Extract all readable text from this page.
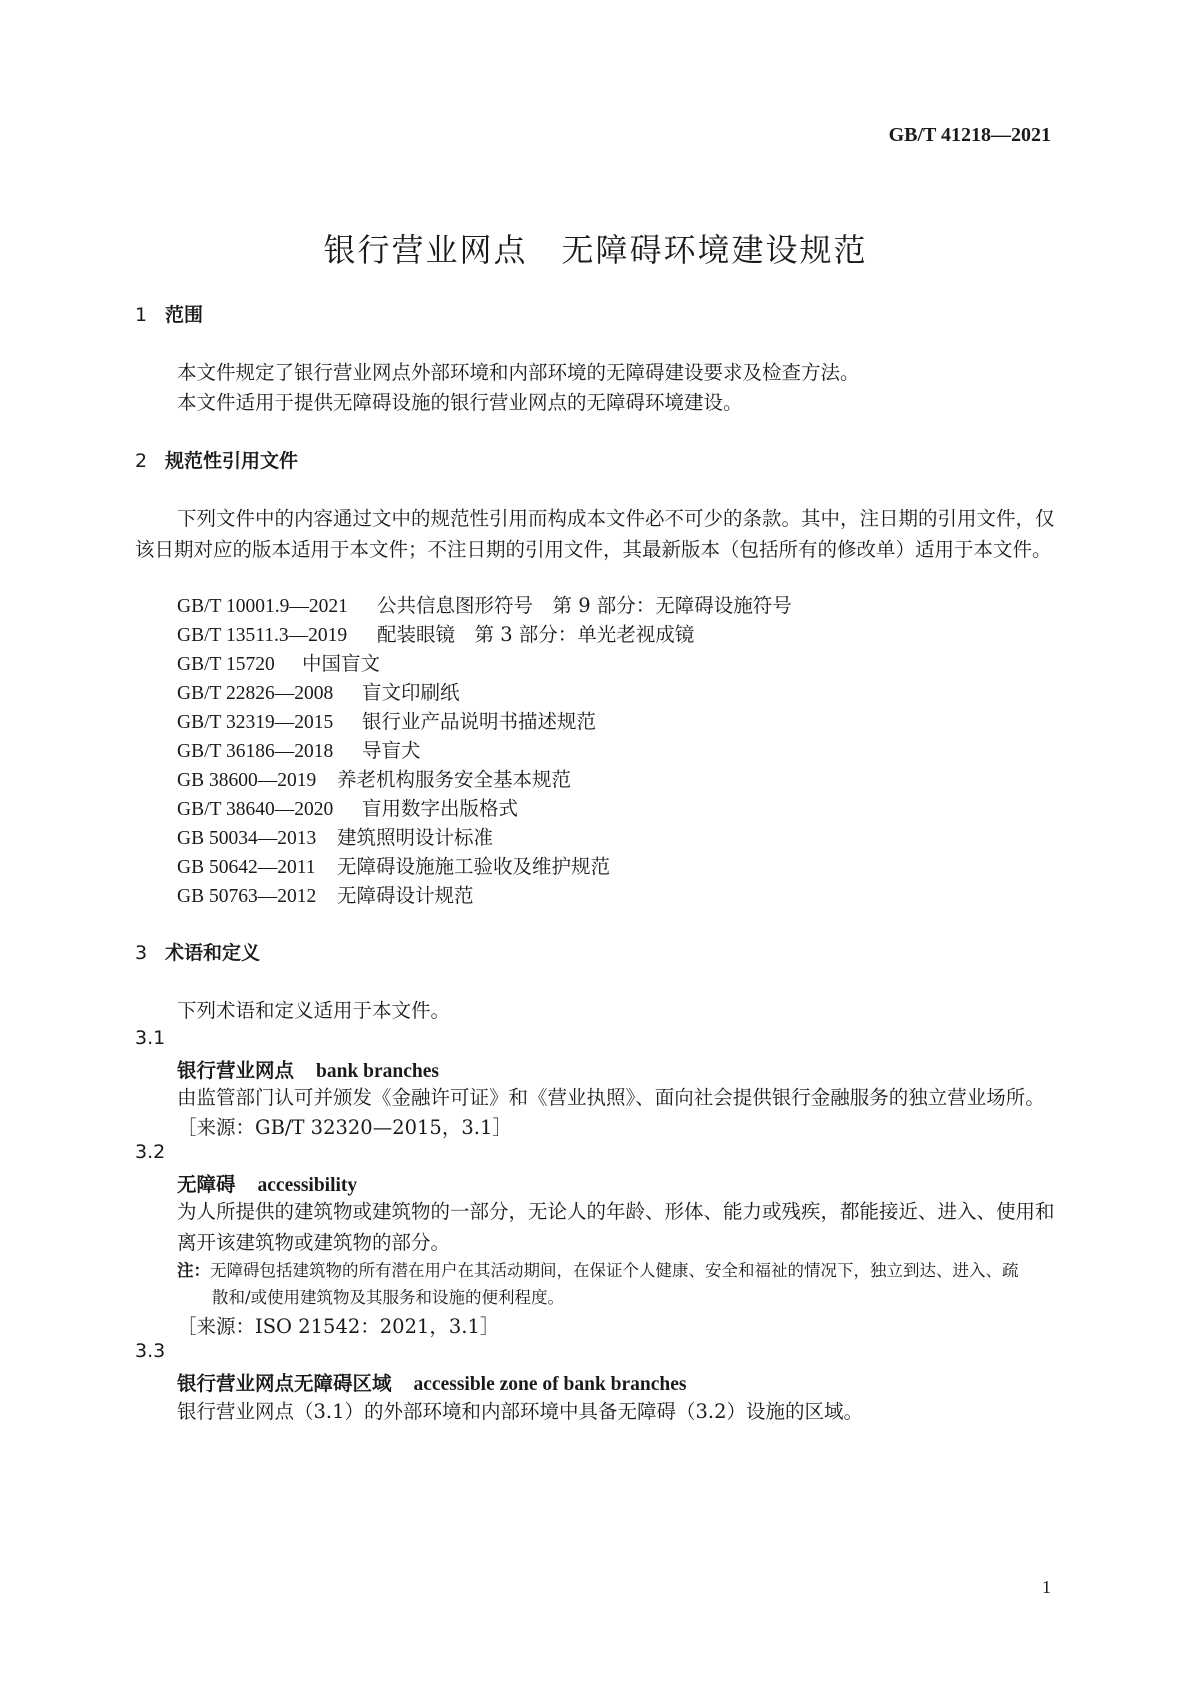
GB/T 41218—2021
银行营业网点　无障碍环境建设规范
1 范围
本文件规定了银行营业网点外部环境和内部环境的无障碍建设要求及检查方法。
本文件适用于提供无障碍设施的银行营业网点的无障碍环境建设。
2 规范性引用文件
下列文件中的内容通过文中的规范性引用而构成本文件必不可少的条款。其中，注日期的引用文件，仅该日期对应的版本适用于本文件；不注日期的引用文件，其最新版本（包括所有的修改单）适用于本文件。
GB/T 10001.9—2021 公共信息图形符号　第 9 部分：无障碍设施符号
GB/T 13511.3—2019 配装眼镜　第 3 部分：单光老视成镜
GB/T 15720 中国盲文
GB/T 22826—2008 盲文印刷纸
GB/T 32319—2015 银行业产品说明书描述规范
GB/T 36186—2018 导盲犬
GB 38600—2019 养老机构服务安全基本规范
GB/T 38640—2020 盲用数字出版格式
GB 50034—2013 建筑照明设计标准
GB 50642—2011 无障碍设施施工验收及维护规范
GB 50763—2012 无障碍设计规范
3 术语和定义
下列术语和定义适用于本文件。
3.1
银行营业网点 bank branches
由监管部门认可并颁发《金融许可证》和《营业执照》、面向社会提供银行金融服务的独立营业场所。
［来源：GB/T 32320—2015，3.1］
3.2
无障碍 accessibility
为人所提供的建筑物或建筑物的一部分，无论人的年龄、形体、能力或残疾，都能接近、进入、使用和离开该建筑物或建筑物的部分。
注：无障碍包括建筑物的所有潜在用户在其活动期间，在保证个人健康、安全和福祉的情况下，独立到达、进入、疏
散和/或使用建筑物及其服务和设施的便利程度。
［来源：ISO 21542：2021，3.1］
3.3
银行营业网点无障碍区域 accessible zone of bank branches
银行营业网点（3.1）的外部环境和内部环境中具备无障碍（3.2）设施的区域。
1
